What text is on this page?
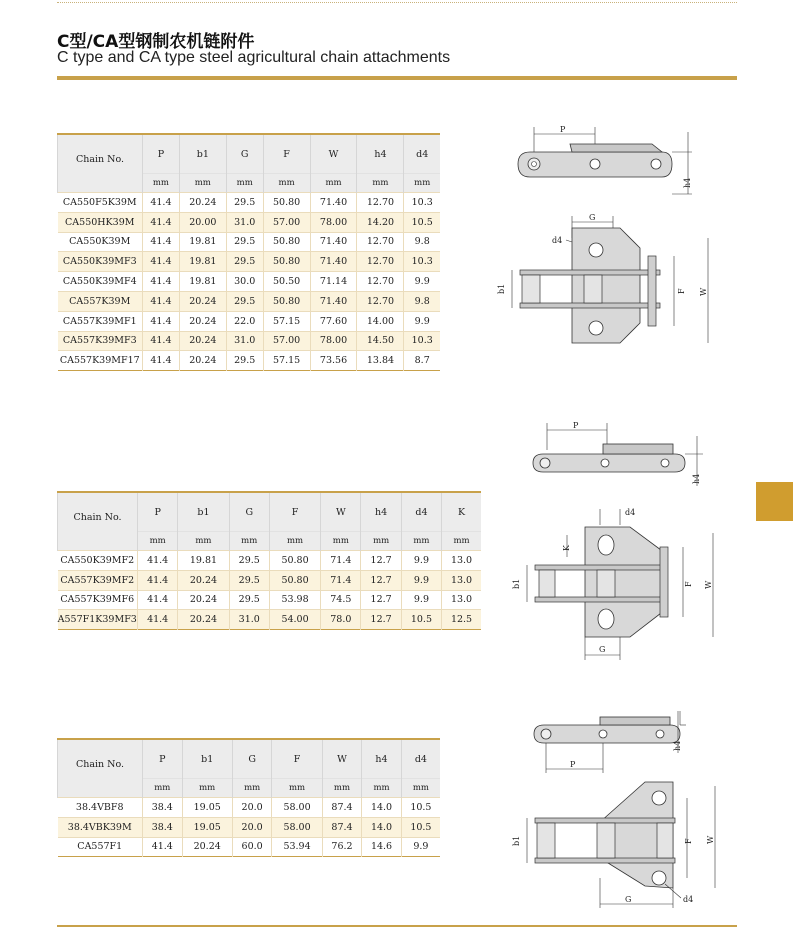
C型/CA型钢制农机链附件
C type and CA type steel agricultural chain attachments
Chain No.	P	b1	G	F	W	h4	d4
	mm	mm	mm	mm	mm	mm	mm
CA550F5K39M	41.4	20.24	29.5	50.80	71.40	12.70	10.3
CA550HK39M	41.4	20.00	31.0	57.00	78.00	14.20	10.5
CA550K39M	41.4	19.81	29.5	50.80	71.40	12.70	9.8
CA550K39MF3	41.4	19.81	29.5	50.80	71.40	12.70	10.3
CA550K39MF4	41.4	19.81	30.0	50.50	71.14	12.70	9.9
CA557K39M	41.4	20.24	29.5	50.80	71.40	12.70	9.8
CA557K39MF1	41.4	20.24	22.0	57.15	77.60	14.00	9.9
CA557K39MF3	41.4	20.24	31.0	57.00	78.00	14.50	10.3
CA557K39MF17	41.4	20.24	29.5	57.15	73.56	13.84	8.7
Chain No.	P	b1	G	F	W	h4	d4	K
	mm	mm	mm	mm	mm	mm	mm	mm
CA550K39MF2	41.4	19.81	29.5	50.80	71.4	12.7	9.9	13.0
CA557K39MF2	41.4	20.24	29.5	50.80	71.4	12.7	9.9	13.0
CA557K39MF6	41.4	20.24	29.5	53.98	74.5	12.7	9.9	13.0
A557F1K39MF3	41.4	20.24	31.0	54.00	78.0	12.7	10.5	12.5
Chain No.	P	b1	G	F	W	h4	d4
	mm	mm	mm	mm	mm	mm	mm
38.4VBF8	38.4	19.05	20.0	58.00	87.4	14.0	10.5
38.4VBK39M	38.4	19.05	20.0	58.00	87.4	14.0	10.5
CA557F1	41.4	20.24	60.0	53.94	76.2	14.6	9.9
P
h4
G
d4
b1	F W
P
h4
d4
K
b1	F W
G
h4
P
b1	F W
G	d4
